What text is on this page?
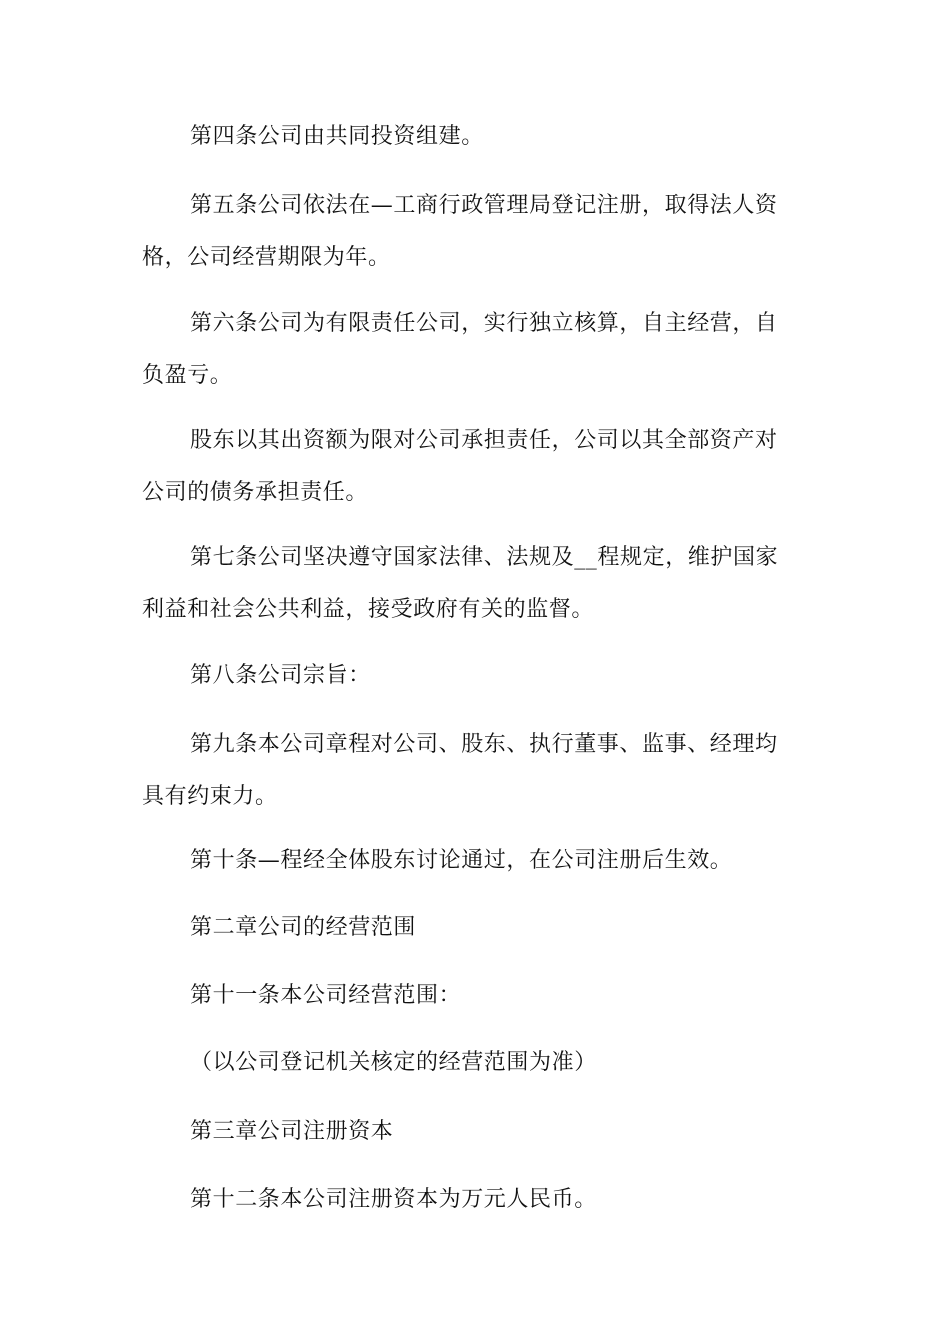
第四条公司由共同投资组建。
第五条公司依法在—工商行政管理局登记注册，取得法人资
格，公司经营期限为年。
第六条公司为有限责任公司，实行独立核算，自主经营，自
负盈亏。
股东以其出资额为限对公司承担责任，公司以其全部资产对
公司的债务承担责任。
第七条公司坚决遵守国家法律、法规及__程规定，维护国家
利益和社会公共利益，接受政府有关的监督。
第八条公司宗旨：
第九条本公司章程对公司、股东、执行董事、监事、经理均
具有约束力。
第十条—程经全体股东讨论通过，在公司注册后生效。
第二章公司的经营范围
第十一条本公司经营范围：
（以公司登记机关核定的经营范围为准）
第三章公司注册资本
第十二条本公司注册资本为万元人民币。
